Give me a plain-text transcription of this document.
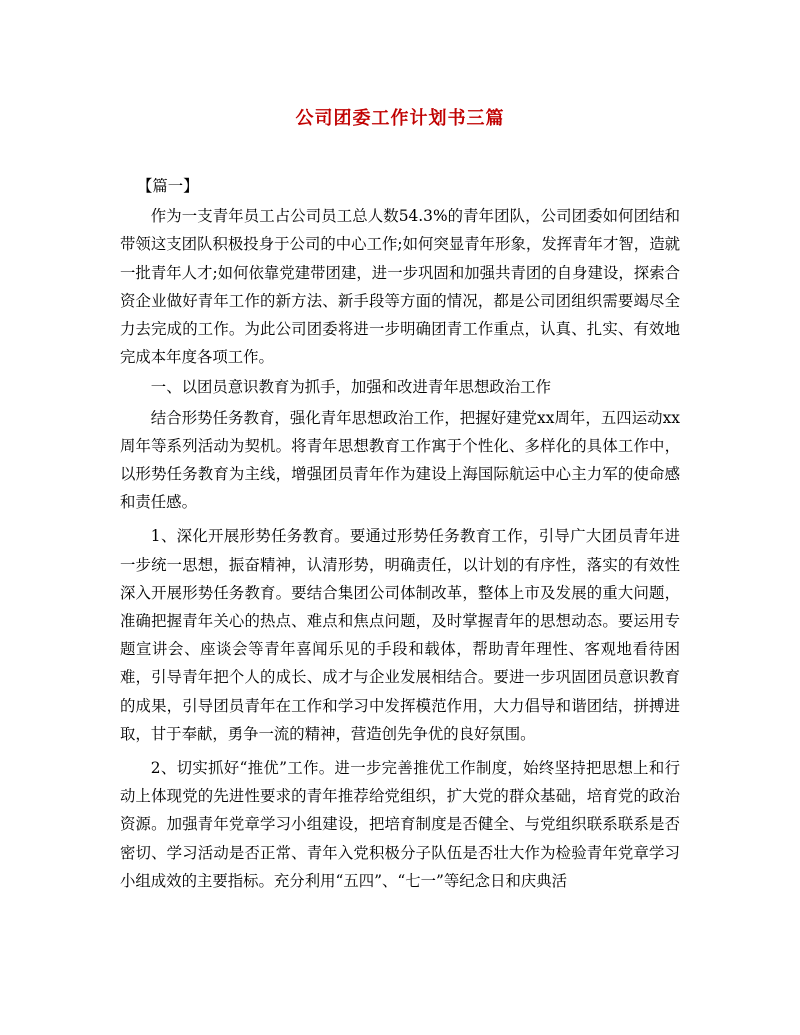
公司团委工作计划书三篇

【篇一】

作为一支青年员工占公司员工总人数54.3%的青年团队，公司团委如何团结和带领这支团队积极投身于公司的中心工作;如何突显青年形象，发挥青年才智，造就一批青年人才;如何依靠党建带团建，进一步巩固和加强共青团的自身建设，探索合资企业做好青年工作的新方法、新手段等方面的情况，都是公司团组织需要竭尽全力去完成的工作。为此公司团委将进一步明确团青工作重点，认真、扎实、有效地完成本年度各项工作。

一、以团员意识教育为抓手，加强和改进青年思想政治工作

结合形势任务教育，强化青年思想政治工作，把握好建党xx周年，五四运动xx周年等系列活动为契机。将青年思想教育工作寓于个性化、多样化的具体工作中，以形势任务教育为主线，增强团员青年作为建设上海国际航运中心主力军的使命感和责任感。

1、深化开展形势任务教育。要通过形势任务教育工作，引导广大团员青年进一步统一思想，振奋精神，认清形势，明确责任，以计划的有序性，落实的有效性深入开展形势任务教育。要结合集团公司体制改革，整体上市及发展的重大问题，准确把握青年关心的热点、难点和焦点问题，及时掌握青年的思想动态。要运用专题宣讲会、座谈会等青年喜闻乐见的手段和载体，帮助青年理性、客观地看待困难，引导青年把个人的成长、成才与企业发展相结合。要进一步巩固团员意识教育的成果，引导团员青年在工作和学习中发挥模范作用，大力倡导和谐团结，拼搏进取，甘于奉献，勇争一流的精神，营造创先争优的良好氛围。

2、切实抓好“推优”工作。进一步完善推优工作制度，始终坚持把思想上和行动上体现党的先进性要求的青年推荐给党组织，扩大党的群众基础，培育党的政治资源。加强青年党章学习小组建设，把培育制度是否健全、与党组织联系联系是否密切、学习活动是否正常、青年入党积极分子队伍是否壮大作为检验青年党章学习小组成效的主要指标。充分利用“五四”、“七一”等纪念日和庆典活
